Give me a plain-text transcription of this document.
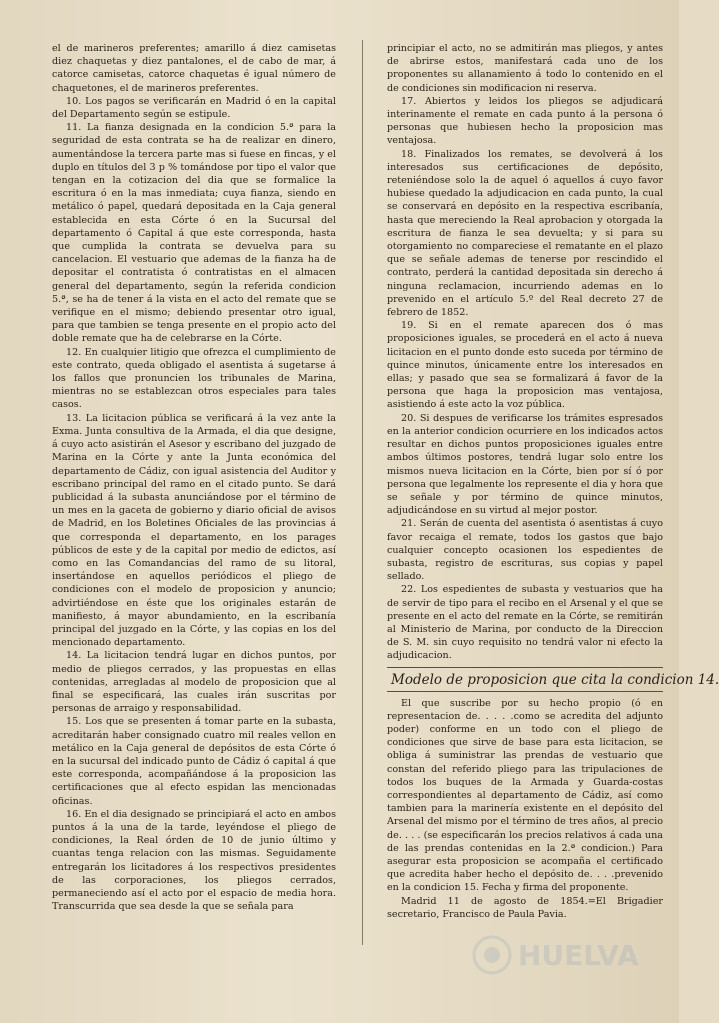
el de marineros preferentes; amarillo á diez camisetas diez chaquetas y diez pantalones, el de cabo de mar, á catorce camisetas, catorce chaquetas é igual número de chaquetones, el de marineros preferentes.

10. Los pagos se verificarán en Madrid ó en la capital del Departamento según se estipule.

11. La fianza designada en la condicion 5.ª para la seguridad de esta contrata se ha de realizar en dinero, aumentándose la tercera parte mas si fuese en fincas, y el duplo en títulos del 3 p % tomándose por tipo el valor que tengan en la cotizacion del dia que se formalice la escritura ó en la mas inmediata; cuya fianza, siendo en metálico ó papel, quedará depositada en la Caja general establecida en esta Córte ó en la Sucursal del departamento ó Capital á que este corresponda, hasta que cumplida la contrata se devuelva para su cancelacion. El vestuario que ademas de la fianza ha de depositar el contratista ó contratistas en el almacen general del departamento, según la referida condicion 5.ª, se ha de tener á la vista en el acto del remate que se verifique en el mismo; debiendo presentar otro igual, para que tambien se tenga presente en el propio acto del doble remate que ha de celebrarse en la Córte.

12. En cualquier litigio que ofrezca el cumplimiento de este contrato, queda obligado el asentista á sugetarse á los fallos que pronuncien los tribunales de Marina, mientras no se establezcan otros especiales para tales casos.

13. La licitacion pública se verificará á la vez ante la Exma. Junta consultiva de la Armada, el dia que designe, á cuyo acto asistirán el Asesor y escribano del juzgado de Marina en la Córte y ante la Junta económica del departamento de Cádiz, con igual asistencia del Auditor y escribano principal del ramo en el citado punto. Se dará publicidad á la subasta anunciándose por el término de un mes en la gaceta de gobierno y diario oficial de avisos de Madrid, en los Boletines Oficiales de las provincias á que corresponda el departamento, en los parages públicos de este y de la capital por medio de edictos, así como en las Comandancias del ramo de su litoral, insertándose en aquellos periódicos el pliego de condiciones con el modelo de proposicion y anuncio; advirtiéndose en éste que los originales estarán de manifiesto, á mayor abundamiento, en la escribanía principal del juzgado en la Córte, y las copias en los del mencionado departamento.

14. La licitacion tendrá lugar en dichos puntos, por medio de pliegos cerrados, y las propuestas en ellas contenidas, arregladas al modelo de proposicion que al final se especificará, las cuales irán suscritas por personas de arraigo y responsabilidad.

15. Los que se presenten á tomar parte en la subasta, acreditarán haber consignado cuatro mil reales vellon en metálico en la Caja general de depósitos de esta Córte ó en la sucursal del indicado punto de Cádiz ó capital á que este corresponda, acompañándose á la proposicion las certificaciones que al efecto espidan las mencionadas oficinas.

16. En el dia designado se principiará el acto en ambos puntos á la una de la tarde, leyéndose el pliego de condiciones, la Real órden de 10 de junio último y cuantas tenga relacion con las mismas. Seguidamente entregarán los licitadores á los respectivos presidentes de las corporaciones, los pliegos cerrados, permaneciendo así el acto por el espacio de media hora. Transcurrida que sea desde la que se señala para

principiar el acto, no se admitirán mas pliegos, y antes de abrirse estos, manifestará cada uno de los proponentes su allanamiento á todo lo contenido en el de condiciones sin modificacion ni reserva.

17. Abiertos y leidos los pliegos se adjudicará interinamente el remate en cada punto á la persona ó personas que hubiesen hecho la proposicion mas ventajosa.

18. Finalizados los remates, se devolverá á los interesados sus certificaciones de depósito, reteniéndose solo la de aquel ó aquellos á cuyo favor hubiese quedado la adjudicacion en cada punto, la cual se conservará en depósito en la respectiva escribanía, hasta que mereciendo la Real aprobacion y otorgada la escritura de fianza le sea devuelta; y si para su otorgamiento no compareciese el rematante en el plazo que se señale ademas de tenerse por rescindido el contrato, perderá la cantidad depositada sin derecho á ninguna reclamacion, incurriendo ademas en lo prevenido en el artículo 5.º del Real decreto 27 de febrero de 1852.

19. Si en el remate aparecen dos ó mas proposiciones iguales, se procederá en el acto á nueva licitacion en el punto donde esto suceda por término de quince minutos, únicamente entre los interesados en ellas; y pasado que sea se formalizará á favor de la persona que haga la proposicion mas ventajosa, asistiendo á este acto la voz pública.

20. Si despues de verificarse los trámites espresados en la anterior condicion ocurriere en los indicados actos resultar en dichos puntos proposiciones iguales entre ambos últimos postores, tendrá lugar solo entre los mismos nueva licitacion en la Córte, bien por sí ó por persona que legalmente los represente el dia y hora que se señale y por término de quince minutos, adjudicándose en su virtud al mejor postor.

21. Serán de cuenta del asentista ó asentistas á cuyo favor recaiga el remate, todos los gastos que bajo cualquier concepto ocasionen los espedientes de subasta, registro de escrituras, sus copias y papel sellado.

22. Los espedientes de subasta y vestuarios que ha de servir de tipo para el recibo en el Arsenal y el que se presente en el acto del remate en la Córte, se remitirán al Ministerio de Marina, por conducto de la Direccion de S. M. sin cuyo requisito no tendrá valor ni efecto la adjudicacion.

Modelo de proposicion que cita la condicion 14.

El que suscribe por su hecho propio (ó en representacion de. . . . .como se acredita del adjunto poder) conforme en un todo con el pliego de condiciones que sirve de base para esta licitacion, se obliga á suministrar las prendas de vestuario que constan del referido pliego para las tripulaciones de todos los buques de la Armada y Guarda-costas correspondientes al departamento de Cádiz, así como tambien para la marinería existente en el depósito del Arsenal del mismo por el término de tres años, al precio de. . . . (se especificarán los precios relativos á cada una de las prendas contenidas en la 2.ª condicion.) Para asegurar esta proposicion se acompaña el certificado que acredita haber hecho el depósito de. . . .prevenido en la condicion 15. Fecha y firma del proponente.

Madrid 11 de agosto de 1854.=El Brigadier secretario, Francisco de Paula Pavia.

HUELVA
